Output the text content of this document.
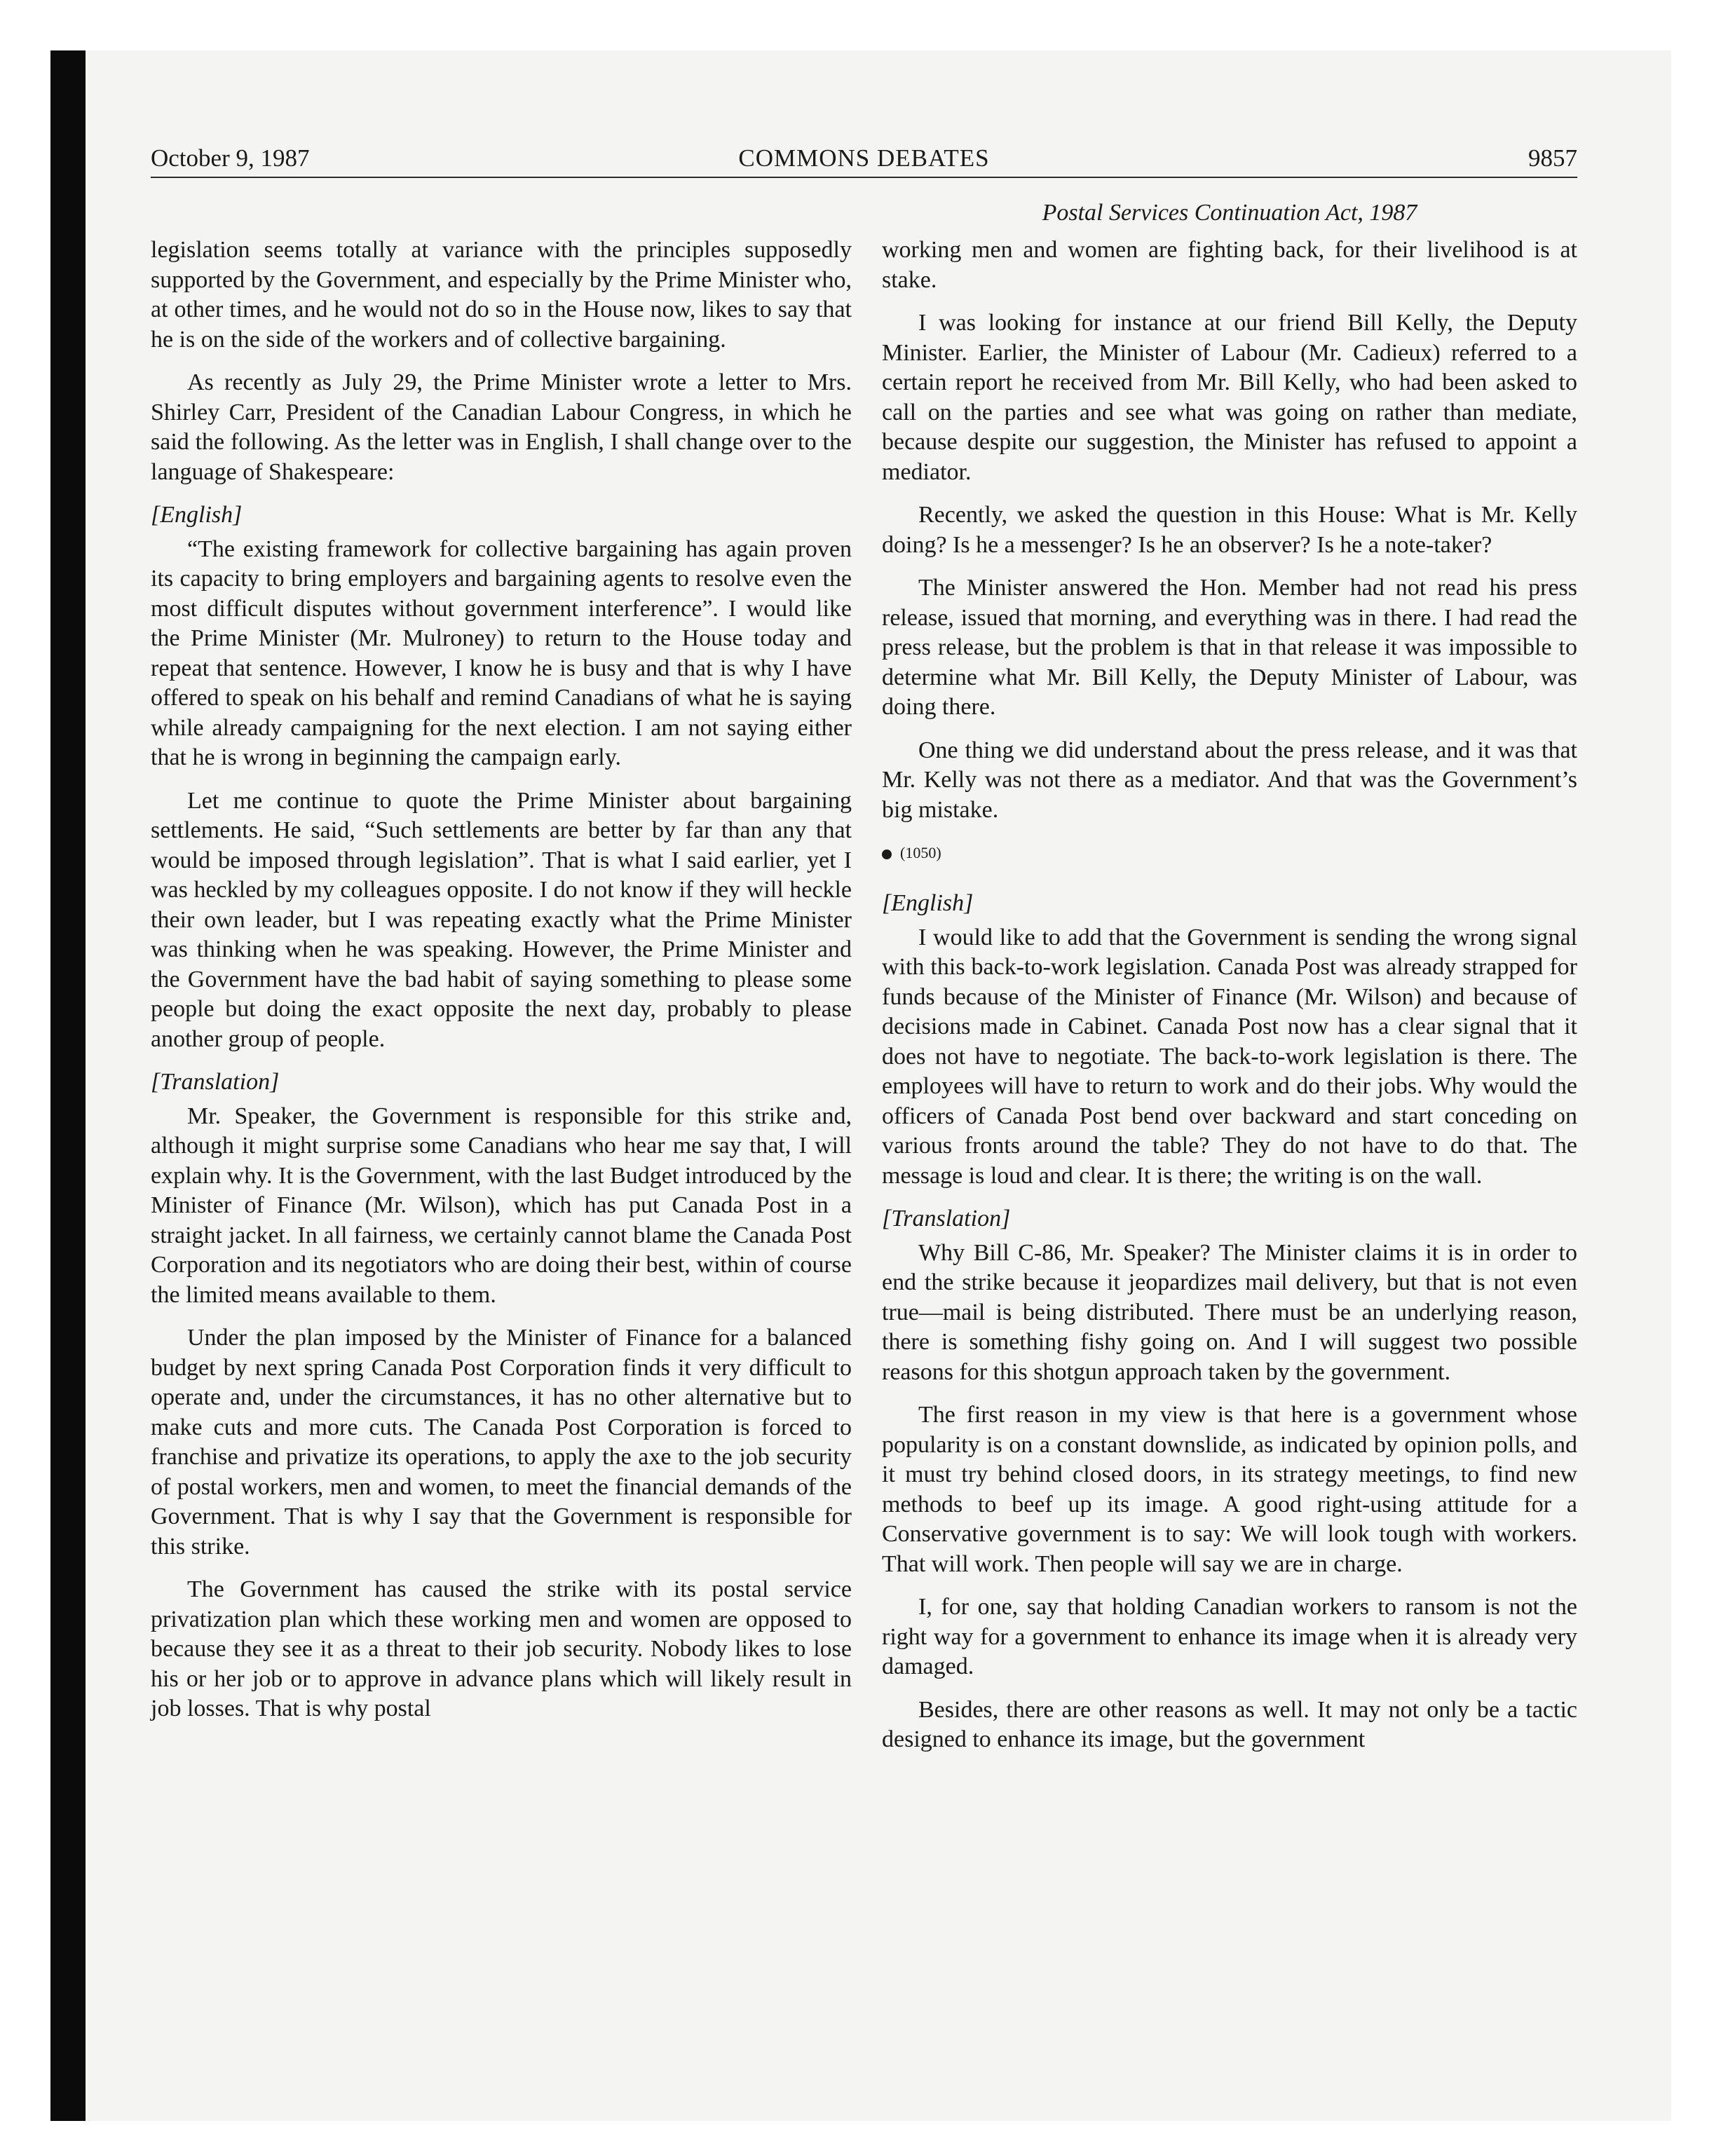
October 9, 1987	COMMONS DEBATES	9857
Postal Services Continuation Act, 1987

legislation seems totally at variance with the principles supposedly supported by the Government, and especially by the Prime Minister who, at other times, and he would not do so in the House now, likes to say that he is on the side of the workers and of collective bargaining.

As recently as July 29, the Prime Minister wrote a letter to Mrs. Shirley Carr, President of the Canadian Labour Congress, in which he said the following. As the letter was in English, I shall change over to the language of Shakespeare:

[English]

“The existing framework for collective bargaining has again proven its capacity to bring employers and bargaining agents to resolve even the most difficult disputes without government interference”. I would like the Prime Minister (Mr. Mulroney) to return to the House today and repeat that sentence. However, I know he is busy and that is why I have offered to speak on his behalf and remind Canadians of what he is saying while already campaigning for the next election. I am not saying either that he is wrong in beginning the campaign early.

Let me continue to quote the Prime Minister about bargaining settlements. He said, “Such settlements are better by far than any that would be imposed through legislation”. That is what I said earlier, yet I was heckled by my colleagues opposite. I do not know if they will heckle their own leader, but I was repeating exactly what the Prime Minister was thinking when he was speaking. However, the Prime Minister and the Government have the bad habit of saying something to please some people but doing the exact opposite the next day, probably to please another group of people.

[Translation]

Mr. Speaker, the Government is responsible for this strike and, although it might surprise some Canadians who hear me say that, I will explain why. It is the Government, with the last Budget introduced by the Minister of Finance (Mr. Wilson), which has put Canada Post in a straight jacket. In all fairness, we certainly cannot blame the Canada Post Corporation and its negotiators who are doing their best, within of course the limited means available to them.

Under the plan imposed by the Minister of Finance for a balanced budget by next spring Canada Post Corporation finds it very difficult to operate and, under the circumstances, it has no other alternative but to make cuts and more cuts. The Canada Post Corporation is forced to franchise and privatize its operations, to apply the axe to the job security of postal workers, men and women, to meet the financial demands of the Government. That is why I say that the Government is responsible for this strike.

The Government has caused the strike with its postal service privatization plan which these working men and women are opposed to because they see it as a threat to their job security. Nobody likes to lose his or her job or to approve in advance plans which will likely result in job losses. That is why postal

working men and women are fighting back, for their livelihood is at stake.

I was looking for instance at our friend Bill Kelly, the Deputy Minister. Earlier, the Minister of Labour (Mr. Cadieux) referred to a certain report he received from Mr. Bill Kelly, who had been asked to call on the parties and see what was going on rather than mediate, because despite our suggestion, the Minister has refused to appoint a mediator.

Recently, we asked the question in this House: What is Mr. Kelly doing? Is he a messenger? Is he an observer? Is he a note-taker?

The Minister answered the Hon. Member had not read his press release, issued that morning, and everything was in there. I had read the press release, but the problem is that in that release it was impossible to determine what Mr. Bill Kelly, the Deputy Minister of Labour, was doing there.

One thing we did understand about the press release, and it was that Mr. Kelly was not there as a mediator. And that was the Government’s big mistake.

(1050)

[English]

I would like to add that the Government is sending the wrong signal with this back-to-work legislation. Canada Post was already strapped for funds because of the Minister of Finance (Mr. Wilson) and because of decisions made in Cabinet. Canada Post now has a clear signal that it does not have to negotiate. The back-to-work legislation is there. The employees will have to return to work and do their jobs. Why would the officers of Canada Post bend over backward and start conceding on various fronts around the table? They do not have to do that. The message is loud and clear. It is there; the writing is on the wall.

[Translation]

Why Bill C-86, Mr. Speaker? The Minister claims it is in order to end the strike because it jeopardizes mail delivery, but that is not even true—mail is being distributed. There must be an underlying reason, there is something fishy going on. And I will suggest two possible reasons for this shotgun approach taken by the government.

The first reason in my view is that here is a government whose popularity is on a constant downslide, as indicated by opinion polls, and it must try behind closed doors, in its strategy meetings, to find new methods to beef up its image. A good right-using attitude for a Conservative government is to say: We will look tough with workers. That will work. Then people will say we are in charge.

I, for one, say that holding Canadian workers to ransom is not the right way for a government to enhance its image when it is already very damaged.

Besides, there are other reasons as well. It may not only be a tactic designed to enhance its image, but the government
